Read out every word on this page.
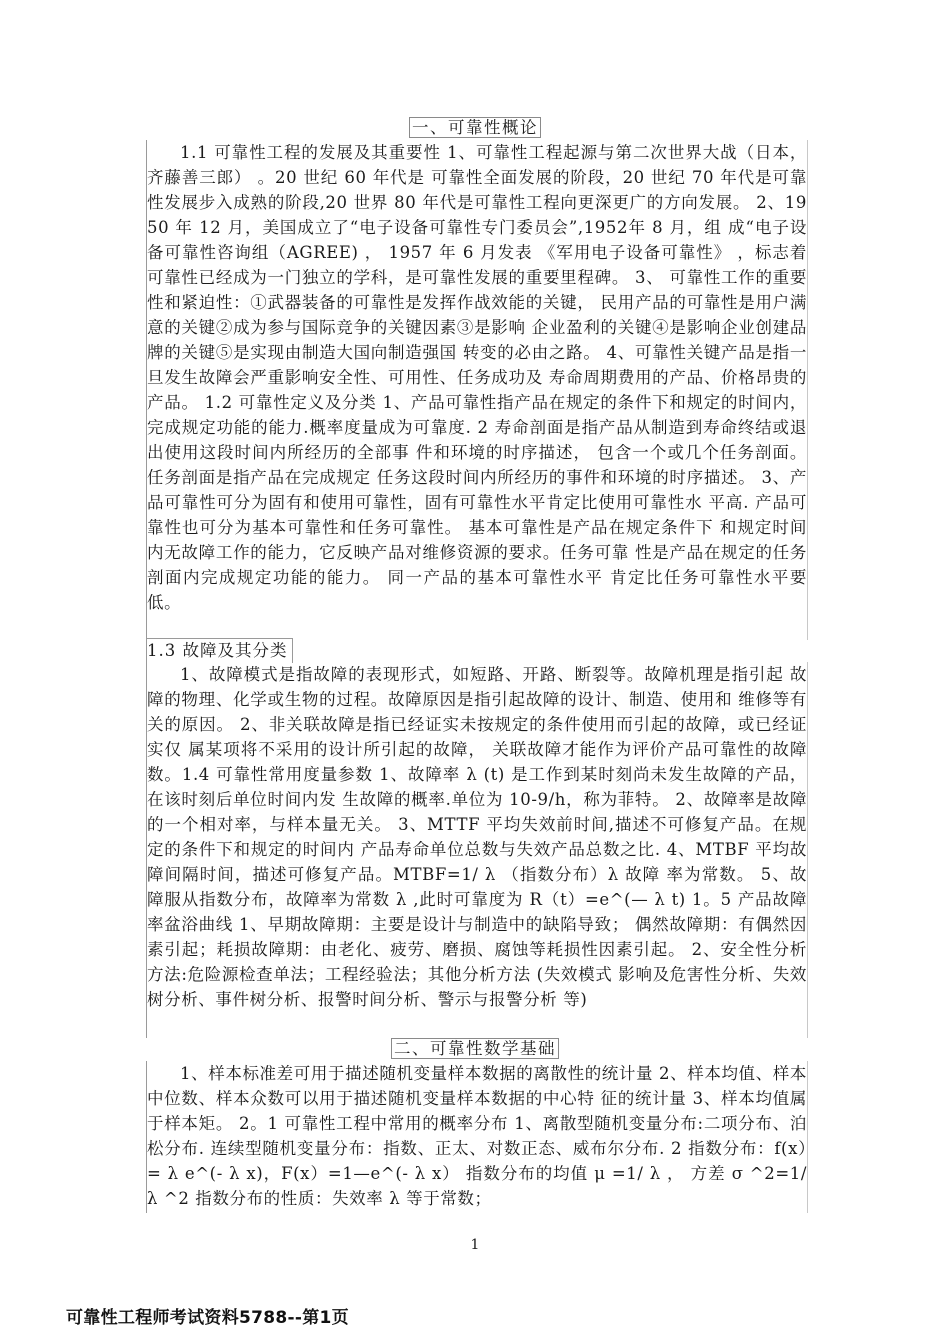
一、可靠性概论
1.1 可靠性工程的发展及其重要性 1、可靠性工程起源与第二次世界大战（日本，齐藤善三郎） 。20 世纪 60 年代是 可靠性全面发展的阶段，20 世纪 70 年代是可靠性发展步入成熟的阶段,20 世界 80 年代是可靠性工程向更深更广的方向发展。 2、1950 年 12 月，美国成立了“电子设备可靠性专门委员会”,1952年 8 月，组 成“电子设备可靠性咨询组（AGREE) ， 1957 年 6 月发表 《军用电子设备可靠性》 ，标志着可靠性已经成为一门独立的学科，是可靠性发展的重要里程碑。 3、 可靠性工作的重要性和紧迫性：①武器装备的可靠性是发挥作战效能的关键， 民用产品的可靠性是用户满意的关键②成为参与国际竞争的关键因素③是影响 企业盈利的关键④是影响企业创建品牌的关键⑤是实现由制造大国向制造强国 转变的必由之路。 4、可靠性关键产品是指一旦发生故障会严重影响安全性、可用性、任务成功及 寿命周期费用的产品、价格昂贵的产品。 1.2 可靠性定义及分类 1、产品可靠性指产品在规定的条件下和规定的时间内，完成规定功能的能力.概率度量成为可靠度. 2 寿命剖面是指产品从制造到寿命终结或退出使用这段时间内所经历的全部事 件和环境的时序描述， 包含一个或几个任务剖面。任务剖面是指产品在完成规定 任务这段时间内所经历的事件和环境的时序描述。 3、产品可靠性可分为固有和使用可靠性，固有可靠性水平肯定比使用可靠性水 平高. 产品可靠性也可分为基本可靠性和任务可靠性。 基本可靠性是产品在规定条件下 和规定时间内无故障工作的能力，它反映产品对维修资源的要求。任务可靠 性是产品在规定的任务剖面内完成规定功能的能力。 同一产品的基本可靠性水平 肯定比任务可靠性水平要低。
1.3 故障及其分类
1、故障模式是指故障的表现形式，如短路、开路、断裂等。故障机理是指引起 故障的物理、化学或生物的过程。故障原因是指引起故障的设计、制造、使用和 维修等有关的原因。 2、非关联故障是指已经证实未按规定的条件使用而引起的故障，或已经证实仅 属某项将不采用的设计所引起的故障， 关联故障才能作为评价产品可靠性的故障 数。1.4 可靠性常用度量参数 1、故障率 λ (t) 是工作到某时刻尚未发生故障的产品，在该时刻后单位时间内发 生故障的概率.单位为 10-9/h，称为菲特。 2、故障率是故障的一个相对率，与样本量无关。 3、MTTF 平均失效前时间,描述不可修复产品。在规定的条件下和规定的时间内 产品寿命单位总数与失效产品总数之比. 4、MTBF 平均故障间隔时间，描述可修复产品。MTBF=1/ λ （指数分布）λ 故障 率为常数。 5、故障服从指数分布，故障率为常数 λ ,此时可靠度为 R（t）=e^(— λ t) 1。5 产品故障率盆浴曲线 1、早期故障期：主要是设计与制造中的缺陷导致； 偶然故障期：有偶然因素引起；耗损故障期：由老化、疲劳、磨损、腐蚀等耗损性因素引起。 2、安全性分析方法:危险源检查单法；工程经验法；其他分析方法 (失效模式 影响及危害性分析、失效树分析、事件树分析、报警时间分析、警示与报警分析 等)
二、可靠性数学基础
1、样本标准差可用于描述随机变量样本数据的离散性的统计量 2、样本均值、样本中位数、样本众数可以用于描述随机变量样本数据的中心特 征的统计量 3、样本均值属于样本矩。 2。1 可靠性工程中常用的概率分布 1、离散型随机变量分布:二项分布、泊松分布. 连续型随机变量分布：指数、正太、对数正态、威布尔分布. 2 指数分布：f(x）= λ e^(- λ x)，F(x）=1—e^(- λ x） 指数分布的均值 μ =1/ λ ， 方差 σ ^2=1/ λ ^2 指数分布的性质：失效率 λ 等于常数；
1
可靠性工程师考试资料5788--第1页
